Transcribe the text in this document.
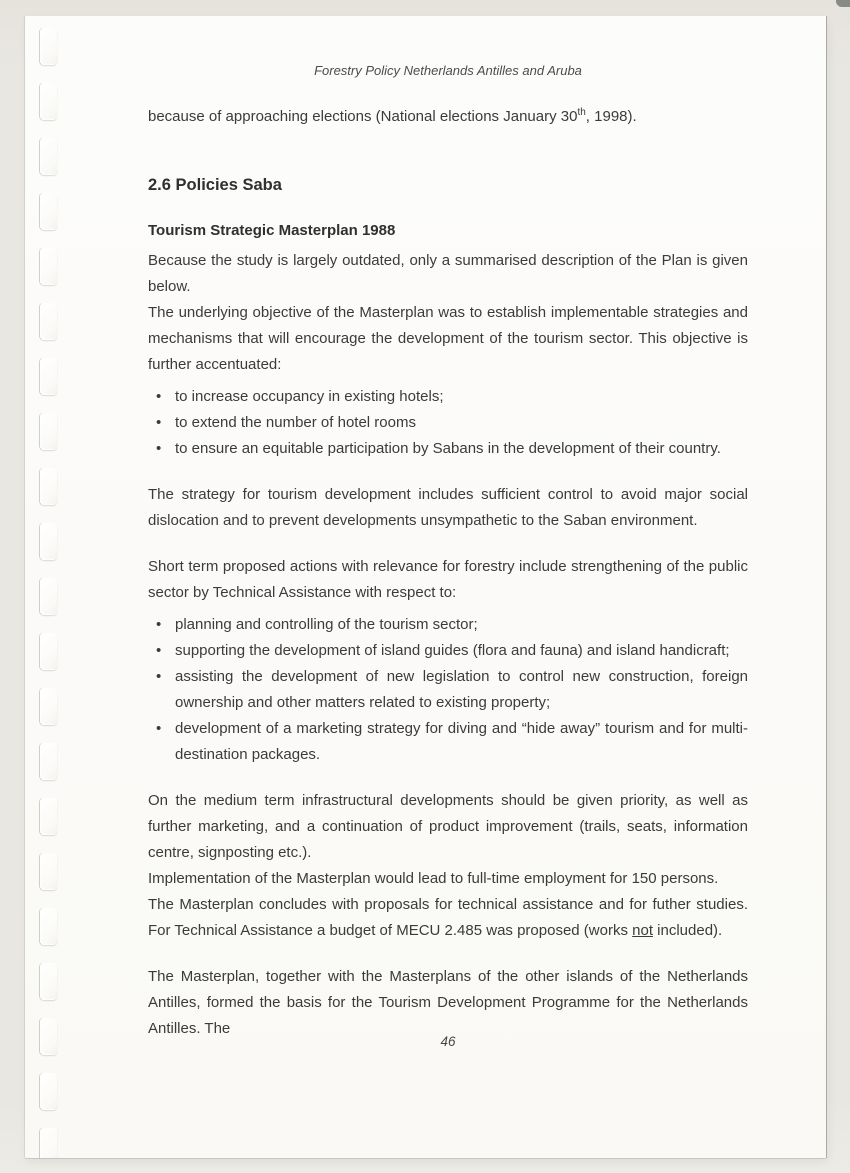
Forestry Policy Netherlands Antilles and Aruba

because of approaching elections (National elections January 30th, 1998).

2.6 Policies Saba
Tourism Strategic Masterplan 1988

Because the study is largely outdated, only a summarised description of the Plan is given below.

The underlying objective of the Masterplan was to establish implementable strategies and mechanisms that will encourage the development of the tourism sector. This objective is further accentuated:

•
to increase occupancy in existing hotels;
•
to extend the number of hotel rooms
•
to ensure an equitable participation by Sabans in the development of their country.

The strategy for tourism development includes sufficient control to avoid major social dislocation and to prevent developments unsympathetic to the Saban environment.

Short term proposed actions with relevance for forestry include strengthening of the public sector by Technical Assistance with respect to:

•
planning and controlling of the tourism sector;
•
supporting the development of island guides (flora and fauna) and island handicraft;
•
assisting the development of new legislation to control new construction, foreign ownership and other matters related to existing property;
•
development of a marketing strategy for diving and “hide away” tourism and for multi-destination packages.

On the medium term infrastructural developments should be given priority, as well as further marketing, and a continuation of product improvement (trails, seats, information centre, signposting etc.).

Implementation of the Masterplan would lead to full-time employment for 150 persons.

The Masterplan concludes with proposals for technical assistance and for futher studies. For Technical Assistance a budget of MECU 2.485 was proposed (works not included).

The Masterplan, together with the Masterplans of the other islands of the Netherlands Antilles, formed the basis for the Tourism Development Programme for the Netherlands Antilles. The

46
